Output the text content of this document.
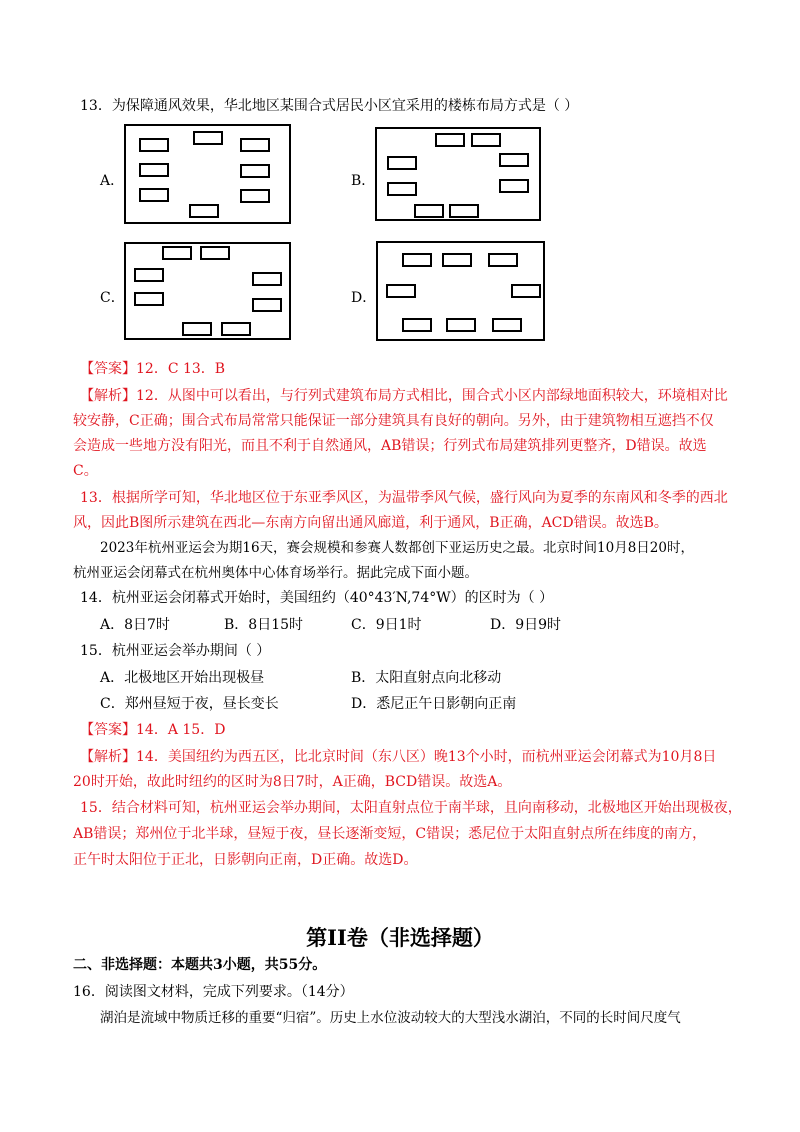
13．为保障通风效果，华北地区某围合式居民小区宜采用的楼栋布局方式是（ ）
A．	B．
C．	D．
【答案】12．C 13．B
【解析】12．从图中可以看出，与行列式建筑布局方式相比，围合式小区内部绿地面积较大，环境相对比
较安静，C正确；围合式布局常常只能保证一部分建筑具有良好的朝向。另外，由于建筑物相互遮挡不仅
会造成一些地方没有阳光，而且不利于自然通风，AB错误；行列式布局建筑排列更整齐，D错误。故选
C。
13．根据所学可知，华北地区位于东亚季风区，为温带季风气候，盛行风向为夏季的东南风和冬季的西北
风，因此B图所示建筑在西北—东南方向留出通风廊道，利于通风，B正确，ACD错误。故选B。
2023年杭州亚运会为期16天，赛会规模和参赛人数都创下亚运历史之最。北京时间10月8日20时，
杭州亚运会闭幕式在杭州奥体中心体育场举行。据此完成下面小题。
14．杭州亚运会闭幕式开始时，美国纽约（40°43′N,74°W）的区时为（ ）
A．8日7时	B．8日15时	C．9日1时	D．9日9时
15．杭州亚运会举办期间（ ）
A．北极地区开始出现极昼	B．太阳直射点向北移动
C．郑州昼短于夜，昼长变长	D．悉尼正午日影朝向正南
【答案】14．A 15．D
【解析】14．美国纽约为西五区，比北京时间（东八区）晚13个小时，而杭州亚运会闭幕式为10月8日
20时开始，故此时纽约的区时为8日7时，A正确，BCD错误。故选A。
15．结合材料可知，杭州亚运会举办期间，太阳直射点位于南半球，且向南移动，北极地区开始出现极夜，
AB错误；郑州位于北半球，昼短于夜，昼长逐渐变短，C错误；悉尼位于太阳直射点所在纬度的南方，
正午时太阳位于正北，日影朝向正南，D正确。故选D。
第II卷（非选择题）
二、非选择题：本题共3小题，共55分。
16．阅读图文材料，完成下列要求。（14分）
湖泊是流域中物质迁移的重要“归宿”。历史上水位波动较大的大型浅水湖泊，不同的长时间尺度气
